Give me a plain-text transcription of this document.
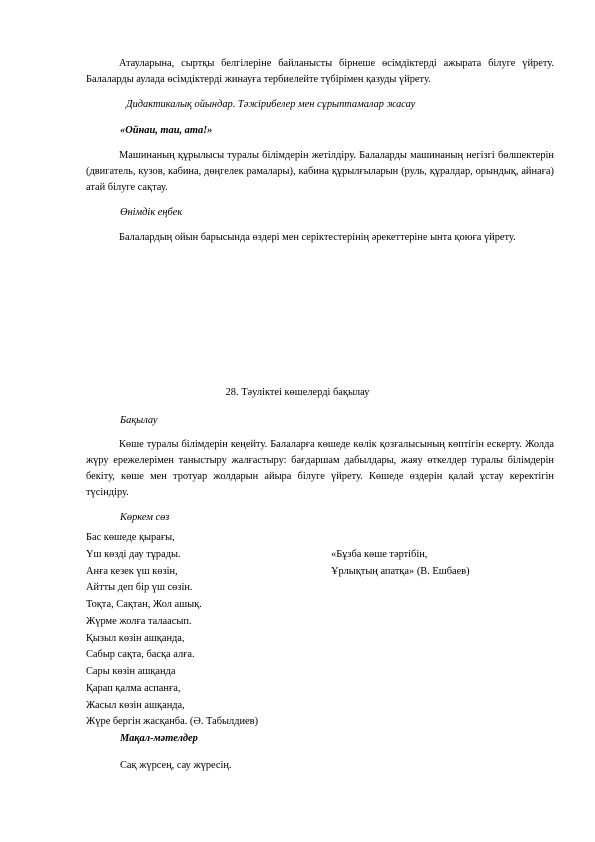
Атауларына, сыртқы белгілеріне байланысты бірнеше өсімдіктерді ажырата білуге үйрету. Балаларды аулада өсімдіктерді жинауға тербиелейте түбірімен қазуды үйрету.

Дидактикалық ойындар. Тәжірибелер мен сұрыптамалар жасау

«Ойнаи, таи, ата!»

Машинаның құрылысы туралы білімдерін жетілдіру. Балаларды машинаның негізгі бөлшектерін (двигатель, кузов, кабина, дөңгелек рамалары), кабина құрылғыларын (руль, құралдар, орындық, айнаға) атай білуге сақтау.

Өнімдік еңбек

Балалардың ойын барысында өздері мен серіктестерінің әрекеттеріне ынта қоюға үйрету.

28. Тәуліктеі көшелерді бақылау

Бақылау

Көше туралы білімдерін кеңейту. Балаларға көшеде көлік қозғалысының көптігін ескерту. Жолда жүру ережелерімен таныстыру жалғастыру: бағдаршам дабылдары, жаяу өткелдер туралы білімдерін бекіту, көше мен тротуар жолдарын айыра білуге үйрету. Көшеде өздерін қалай ұстау керектігін түсіндіру.

Көркем сөз

Бас көшеде қырағы,
Үш көзді дау тұрады.
Анға кезек үш көзін,
Айтты деп бір үш сөзін.
Тоқта, Сақтан, Жол ашық.
Жүрме жолға талаасып.
Қызыл көзін ашқанда,
Сабыр сақта, басқа алға.
Сары көзін ашқанда
Қарап қалма аспанға,
Жасыл көзін ашқанда,
Жүре бергін жасқанба. (Ә. Табылдиев)
«Бұзба көше тәртібін,
Ұрлықтың апатқа» (В. Ешбаев)

Мақал-мәтелдер

Сақ жүрсең, сау жүресің.
